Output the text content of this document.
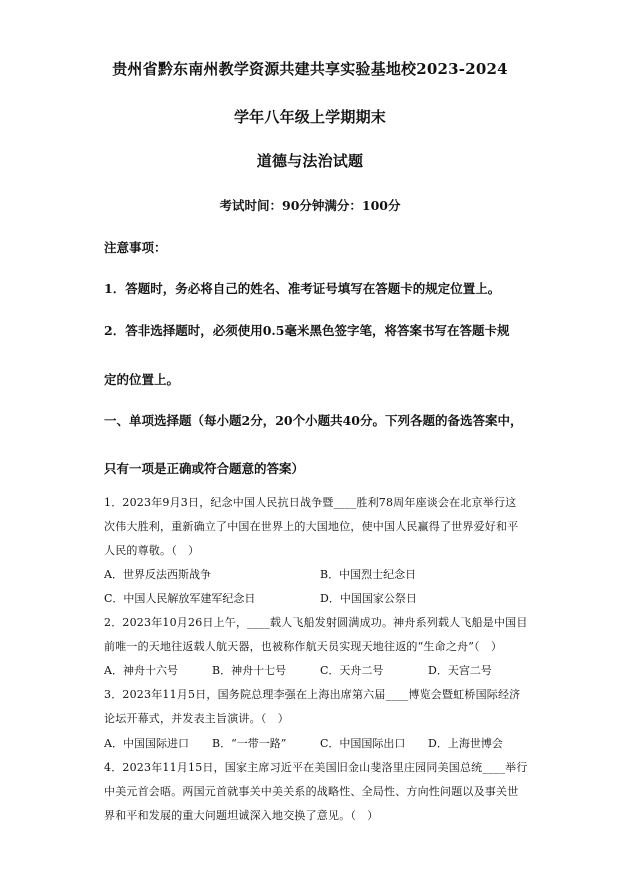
贵州省黔东南州教学资源共建共享实验基地校2023-2024
学年八年级上学期期末
道德与法治试题
考试时间：90分钟满分：100分
注意事项：
1．答题时，务必将自己的姓名、准考证号填写在答题卡的规定位置上。
2．答非选择题时，必须使用0.5毫米黑色签字笔，将答案书写在答题卡规
定的位置上。
一、单项选择题（每小题2分，20个小题共40分。下列各题的备选答案中，
只有一项是正确或符合题意的答案）
1．2023年9月3日，纪念中国人民抗日战争暨____胜利78周年座谈会在北京举行这
次伟大胜利，重新确立了中国在世界上的大国地位，使中国人民赢得了世界爱好和平
人民的尊敬。（　）
A．世界反法西斯战争	B．中国烈士纪念日
C．中国人民解放军建军纪念日	D．中国国家公祭日
2．2023年10月26日上午，____载人飞船发射圆满成功。神舟系列载人飞船是中国目
前唯一的天地往返载人航天器，也被称作航天员实现天地往返的“生命之舟”（　）
A．神舟十六号	B．神舟十七号	C．天舟二号	D．天宫二号
3．2023年11月5日，国务院总理李强在上海出席第六届____博览会暨虹桥国际经济
论坛开幕式，并发表主旨演讲。（　）
A．中国国际进口 B．“一带一路”	C．中国国际出口 D．上海世博会
4．2023年11月15日，国家主席习近平在美国旧金山斐洛里庄园同美国总统____举行
中美元首会晤。两国元首就事关中美关系的战略性、全局性、方向性问题以及事关世
界和平和发展的重大问题坦诚深入地交换了意见。（　）
